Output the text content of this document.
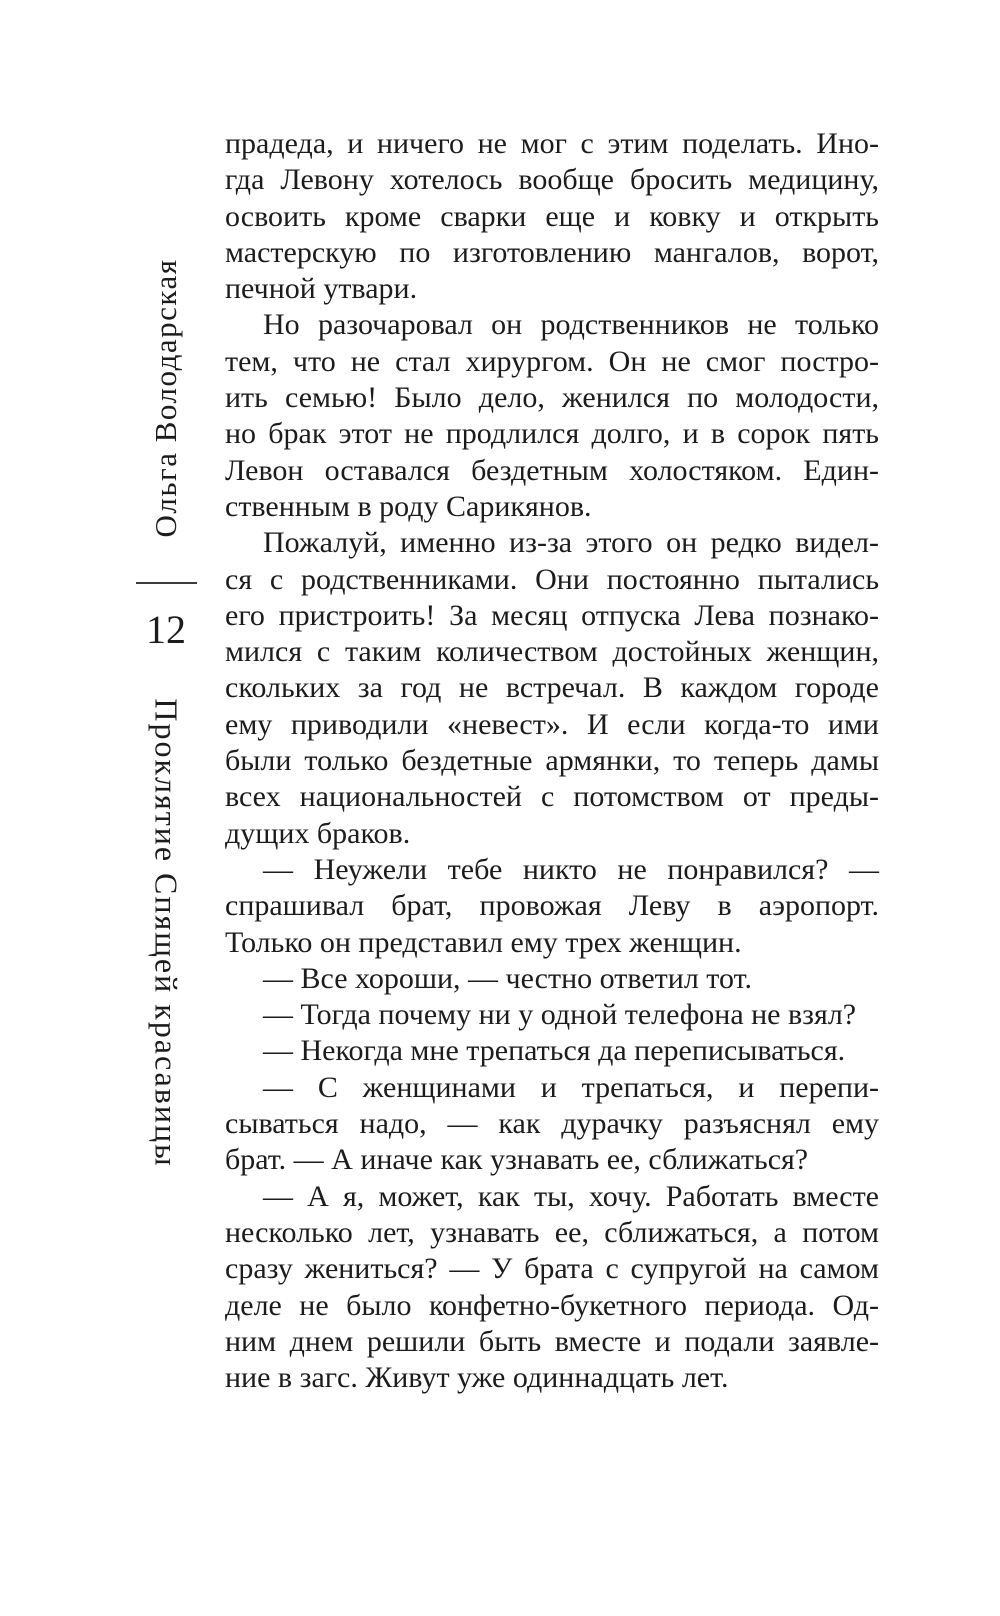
Ольга Володарская
12
Проклятие Спящей красавицы
прадеда, и ничего не мог с этим поделать. Ино-
гда Левону хотелось вообще бросить медицину,
освоить кроме сварки еще и ковку и открыть
мастерскую по изготовлению мангалов, ворот,
печной утвари.
Но разочаровал он родственников не только
тем, что не стал хирургом. Он не смог постро-
ить семью! Было дело, женился по молодости,
но брак этот не продлился долго, и в сорок пять
Левон оставался бездетным холостяком. Един-
ственным в роду Сарикянов.
Пожалуй, именно из-за этого он редко видел-
ся с родственниками. Они постоянно пытались
его пристроить! За месяц отпуска Лева познако-
мился с таким количеством достойных женщин,
скольких за год не встречал. В каждом городе
ему приводили «невест». И если когда-то ими
были только бездетные армянки, то теперь дамы
всех национальностей с потомством от преды-
дущих браков.
— Неужели тебе никто не понравился? —
спрашивал брат, провожая Леву в аэропорт.
Только он представил ему трех женщин.
— Все хороши, — честно ответил тот.
— Тогда почему ни у одной телефона не взял?
— Некогда мне трепаться да переписываться.
— С женщинами и трепаться, и перепи-
сываться надо, — как дурачку разъяснял ему
брат. — А иначе как узнавать ее, сближаться?
— А я, может, как ты, хочу. Работать вместе
несколько лет, узнавать ее, сближаться, а потом
сразу жениться? — У брата с супругой на самом
деле не было конфетно-букетного периода. Од-
ним днем решили быть вместе и подали заявле-
ние в загс. Живут уже одиннадцать лет.
